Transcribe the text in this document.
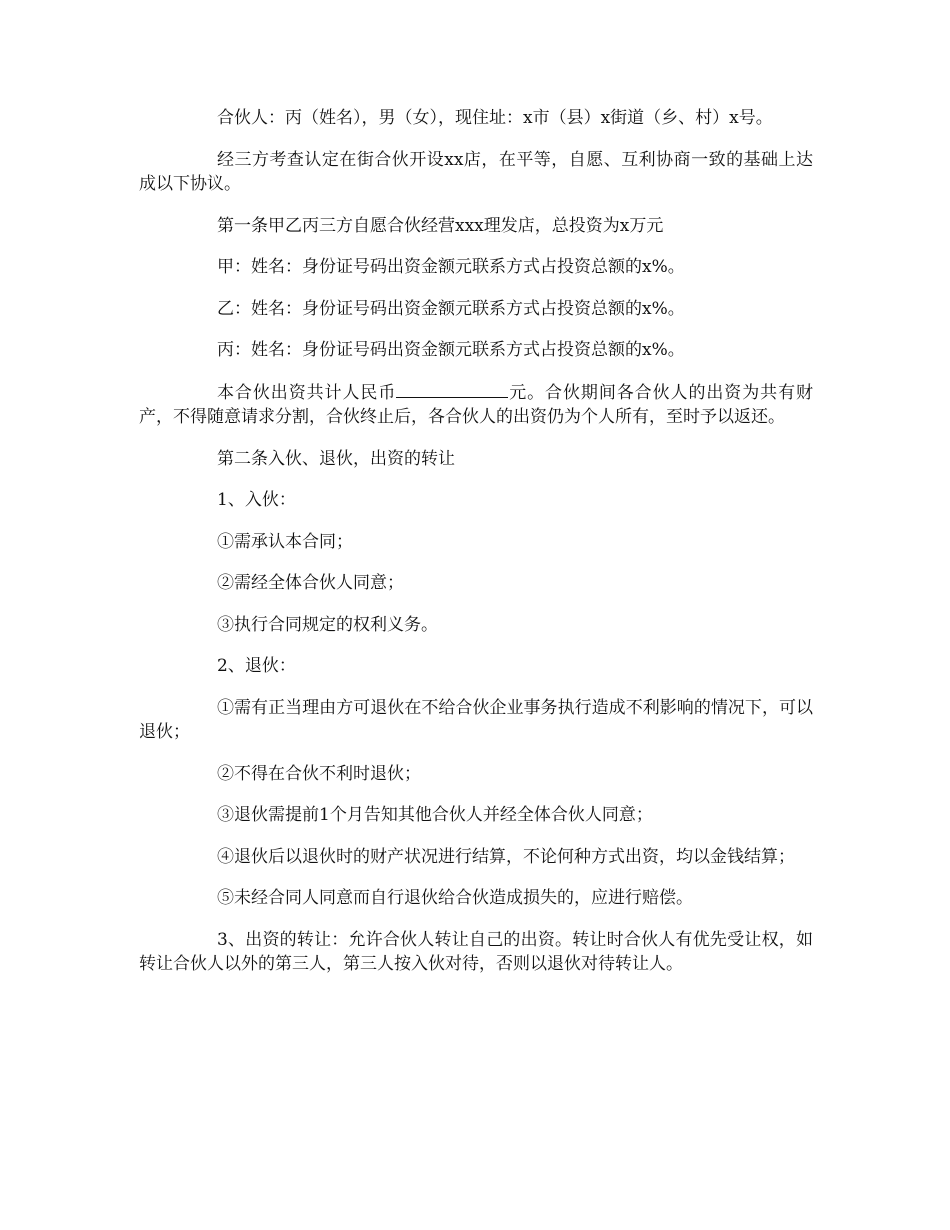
合伙人：丙（姓名），男（女），现住址：x市（县）x街道（乡、村）x号。

经三方考查认定在街合伙开设xx店，在平等，自愿、互利协商一致的基础上达成以下协议。

第一条甲乙丙三方自愿合伙经营xxx理发店，总投资为x万元

甲：姓名：身份证号码出资金额元联系方式占投资总额的x%。

乙：姓名：身份证号码出资金额元联系方式占投资总额的x%。

丙：姓名：身份证号码出资金额元联系方式占投资总额的x%。

本合伙出资共计人民币	元。合伙期间各合伙人的出资为共有财产，不得随意请求分割，合伙终止后，各合伙人的出资仍为个人所有，至时予以返还。

第二条入伙、退伙，出资的转让

1、入伙：

①需承认本合同；

②需经全体合伙人同意；

③执行合同规定的权利义务。

2、退伙：

①需有正当理由方可退伙在不给合伙企业事务执行造成不利影响的情况下，可以退伙；

②不得在合伙不利时退伙；

③退伙需提前1个月告知其他合伙人并经全体合伙人同意；

④退伙后以退伙时的财产状况进行结算，不论何种方式出资，均以金钱结算；

⑤未经合同人同意而自行退伙给合伙造成损失的，应进行赔偿。

3、出资的转让：允许合伙人转让自己的出资。转让时合伙人有优先受让权，如转让合伙人以外的第三人，第三人按入伙对待，否则以退伙对待转让人。
